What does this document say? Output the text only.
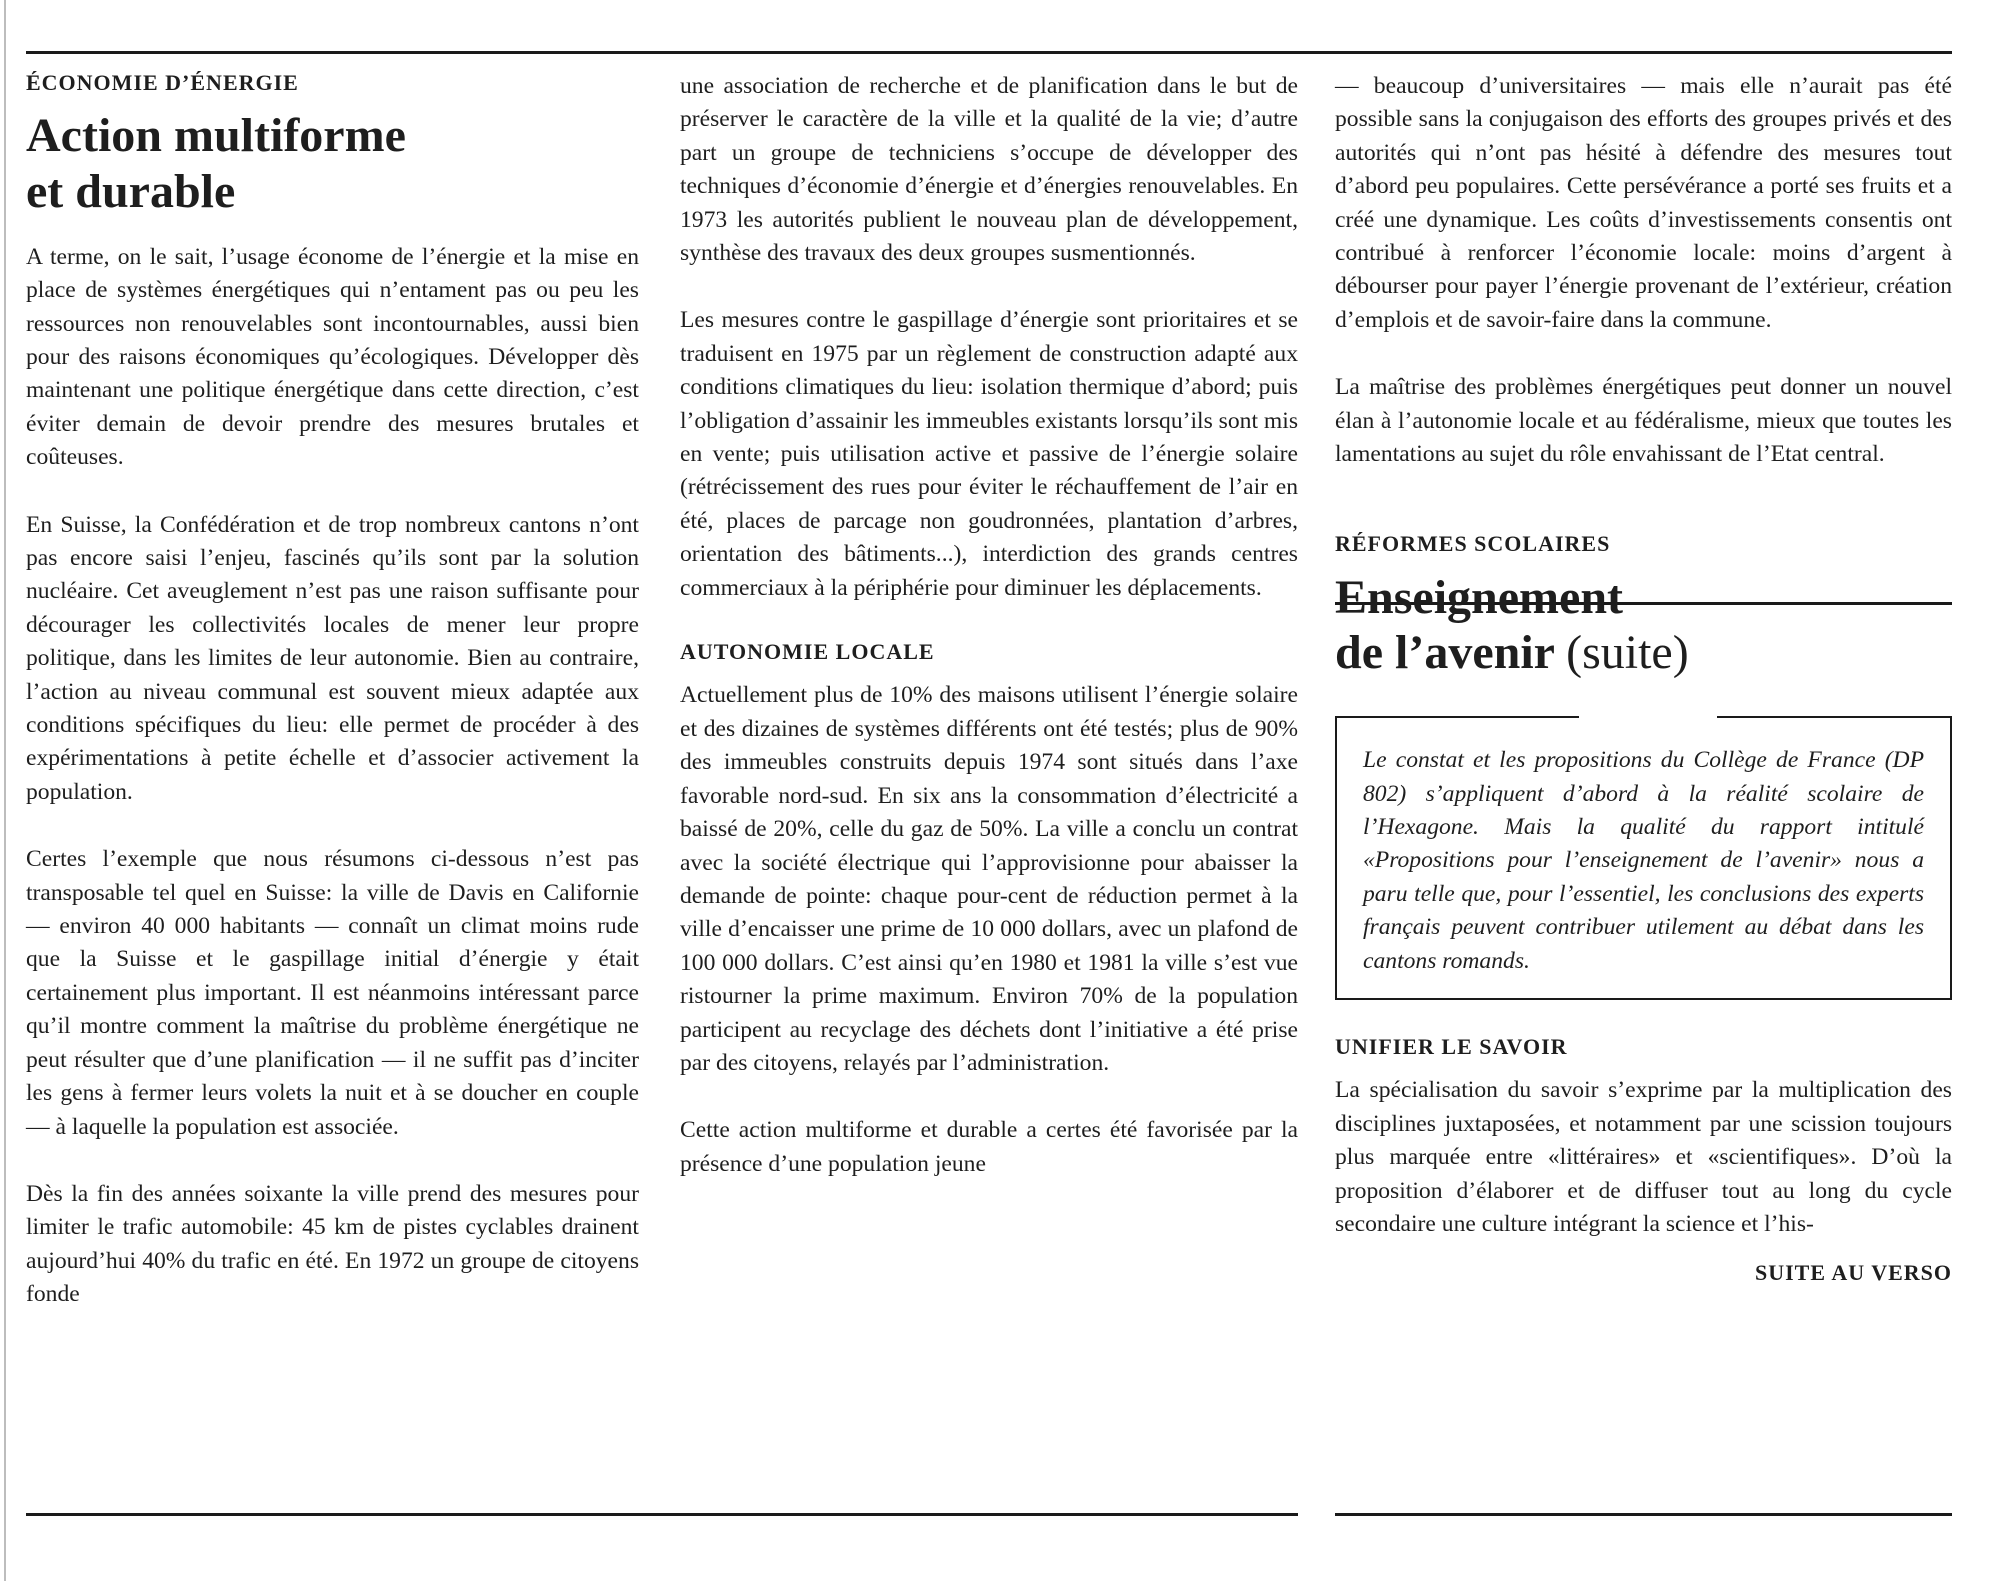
ÉCONOMIE D’ÉNERGIE
Action multiforme
et durable

A terme, on le sait, l’usage économe de l’énergie et la mise en place de systèmes énergétiques qui n’entament pas ou peu les ressources non renouvelables sont incontournables, aussi bien pour des raisons économiques qu’écologiques. Développer dès maintenant une politique énergétique dans cette direction, c’est éviter demain de devoir prendre des mesures brutales et coûteuses.

En Suisse, la Confédération et de trop nombreux cantons n’ont pas encore saisi l’enjeu, fascinés qu’ils sont par la solution nucléaire. Cet aveuglement n’est pas une raison suffisante pour décourager les collectivités locales de mener leur propre politique, dans les limites de leur autonomie. Bien au contraire, l’action au niveau communal est souvent mieux adaptée aux conditions spécifiques du lieu: elle permet de procéder à des expérimentations à petite échelle et d’associer activement la population.

Certes l’exemple que nous résumons ci-dessous n’est pas transposable tel quel en Suisse: la ville de Davis en Californie — environ 40 000 habitants — connaît un climat moins rude que la Suisse et le gaspillage initial d’énergie y était certainement plus important. Il est néanmoins intéressant parce qu’il montre comment la maîtrise du problème énergétique ne peut résulter que d’une planification — il ne suffit pas d’inciter les gens à fermer leurs volets la nuit et à se doucher en couple — à laquelle la population est associée.

Dès la fin des années soixante la ville prend des mesures pour limiter le trafic automobile: 45 km de pistes cyclables drainent aujourd’hui 40% du trafic en été. En 1972 un groupe de citoyens fonde

une association de recherche et de planification dans le but de préserver le caractère de la ville et la qualité de la vie; d’autre part un groupe de techniciens s’occupe de développer des techniques d’économie d’énergie et d’énergies renouvelables. En 1973 les autorités publient le nouveau plan de développement, synthèse des travaux des deux groupes susmentionnés.

Les mesures contre le gaspillage d’énergie sont prioritaires et se traduisent en 1975 par un règlement de construction adapté aux conditions climatiques du lieu: isolation thermique d’abord; puis l’obligation d’assainir les immeubles existants lorsqu’ils sont mis en vente; puis utilisation active et passive de l’énergie solaire (rétrécissement des rues pour éviter le réchauffement de l’air en été, places de parcage non goudronnées, plantation d’arbres, orientation des bâtiments...), interdiction des grands centres commerciaux à la périphérie pour diminuer les déplacements.

AUTONOMIE LOCALE

Actuellement plus de 10% des maisons utilisent l’énergie solaire et des dizaines de systèmes différents ont été testés; plus de 90% des immeubles construits depuis 1974 sont situés dans l’axe favorable nord-sud. En six ans la consommation d’électricité a baissé de 20%, celle du gaz de 50%. La ville a conclu un contrat avec la société électrique qui l’approvisionne pour abaisser la demande de pointe: chaque pour-cent de réduction permet à la ville d’encaisser une prime de 10 000 dollars, avec un plafond de 100 000 dollars. C’est ainsi qu’en 1980 et 1981 la ville s’est vue ristourner la prime maximum. Environ 70% de la population participent au recyclage des déchets dont l’initiative a été prise par des citoyens, relayés par l’administration.

Cette action multiforme et durable a certes été favorisée par la présence d’une population jeune

— beaucoup d’universitaires — mais elle n’aurait pas été possible sans la conjugaison des efforts des groupes privés et des autorités qui n’ont pas hésité à défendre des mesures tout d’abord peu populaires. Cette persévérance a porté ses fruits et a créé une dynamique. Les coûts d’investissements consentis ont contribué à renforcer l’économie locale: moins d’argent à débourser pour payer l’énergie provenant de l’extérieur, création d’emplois et de savoir-faire dans la commune.

La maîtrise des problèmes énergétiques peut donner un nouvel élan à l’autonomie locale et au fédéralisme, mieux que toutes les lamentations au sujet du rôle envahissant de l’Etat central.

RÉFORMES SCOLAIRES
Enseignement
de l’avenir (suite)

Le constat et les propositions du Collège de France (DP 802) s’appliquent d’abord à la réalité scolaire de l’Hexagone. Mais la qualité du rapport intitulé «Propositions pour l’enseignement de l’avenir» nous a paru telle que, pour l’essentiel, les conclusions des experts français peuvent contribuer utilement au débat dans les cantons romands.

UNIFIER LE SAVOIR

La spécialisation du savoir s’exprime par la multiplication des disciplines juxtaposées, et notamment par une scission toujours plus marquée entre «littéraires» et «scientifiques». D’où la proposition d’élaborer et de diffuser tout au long du cycle secondaire une culture intégrant la science et l’his-

SUITE AU VERSO
